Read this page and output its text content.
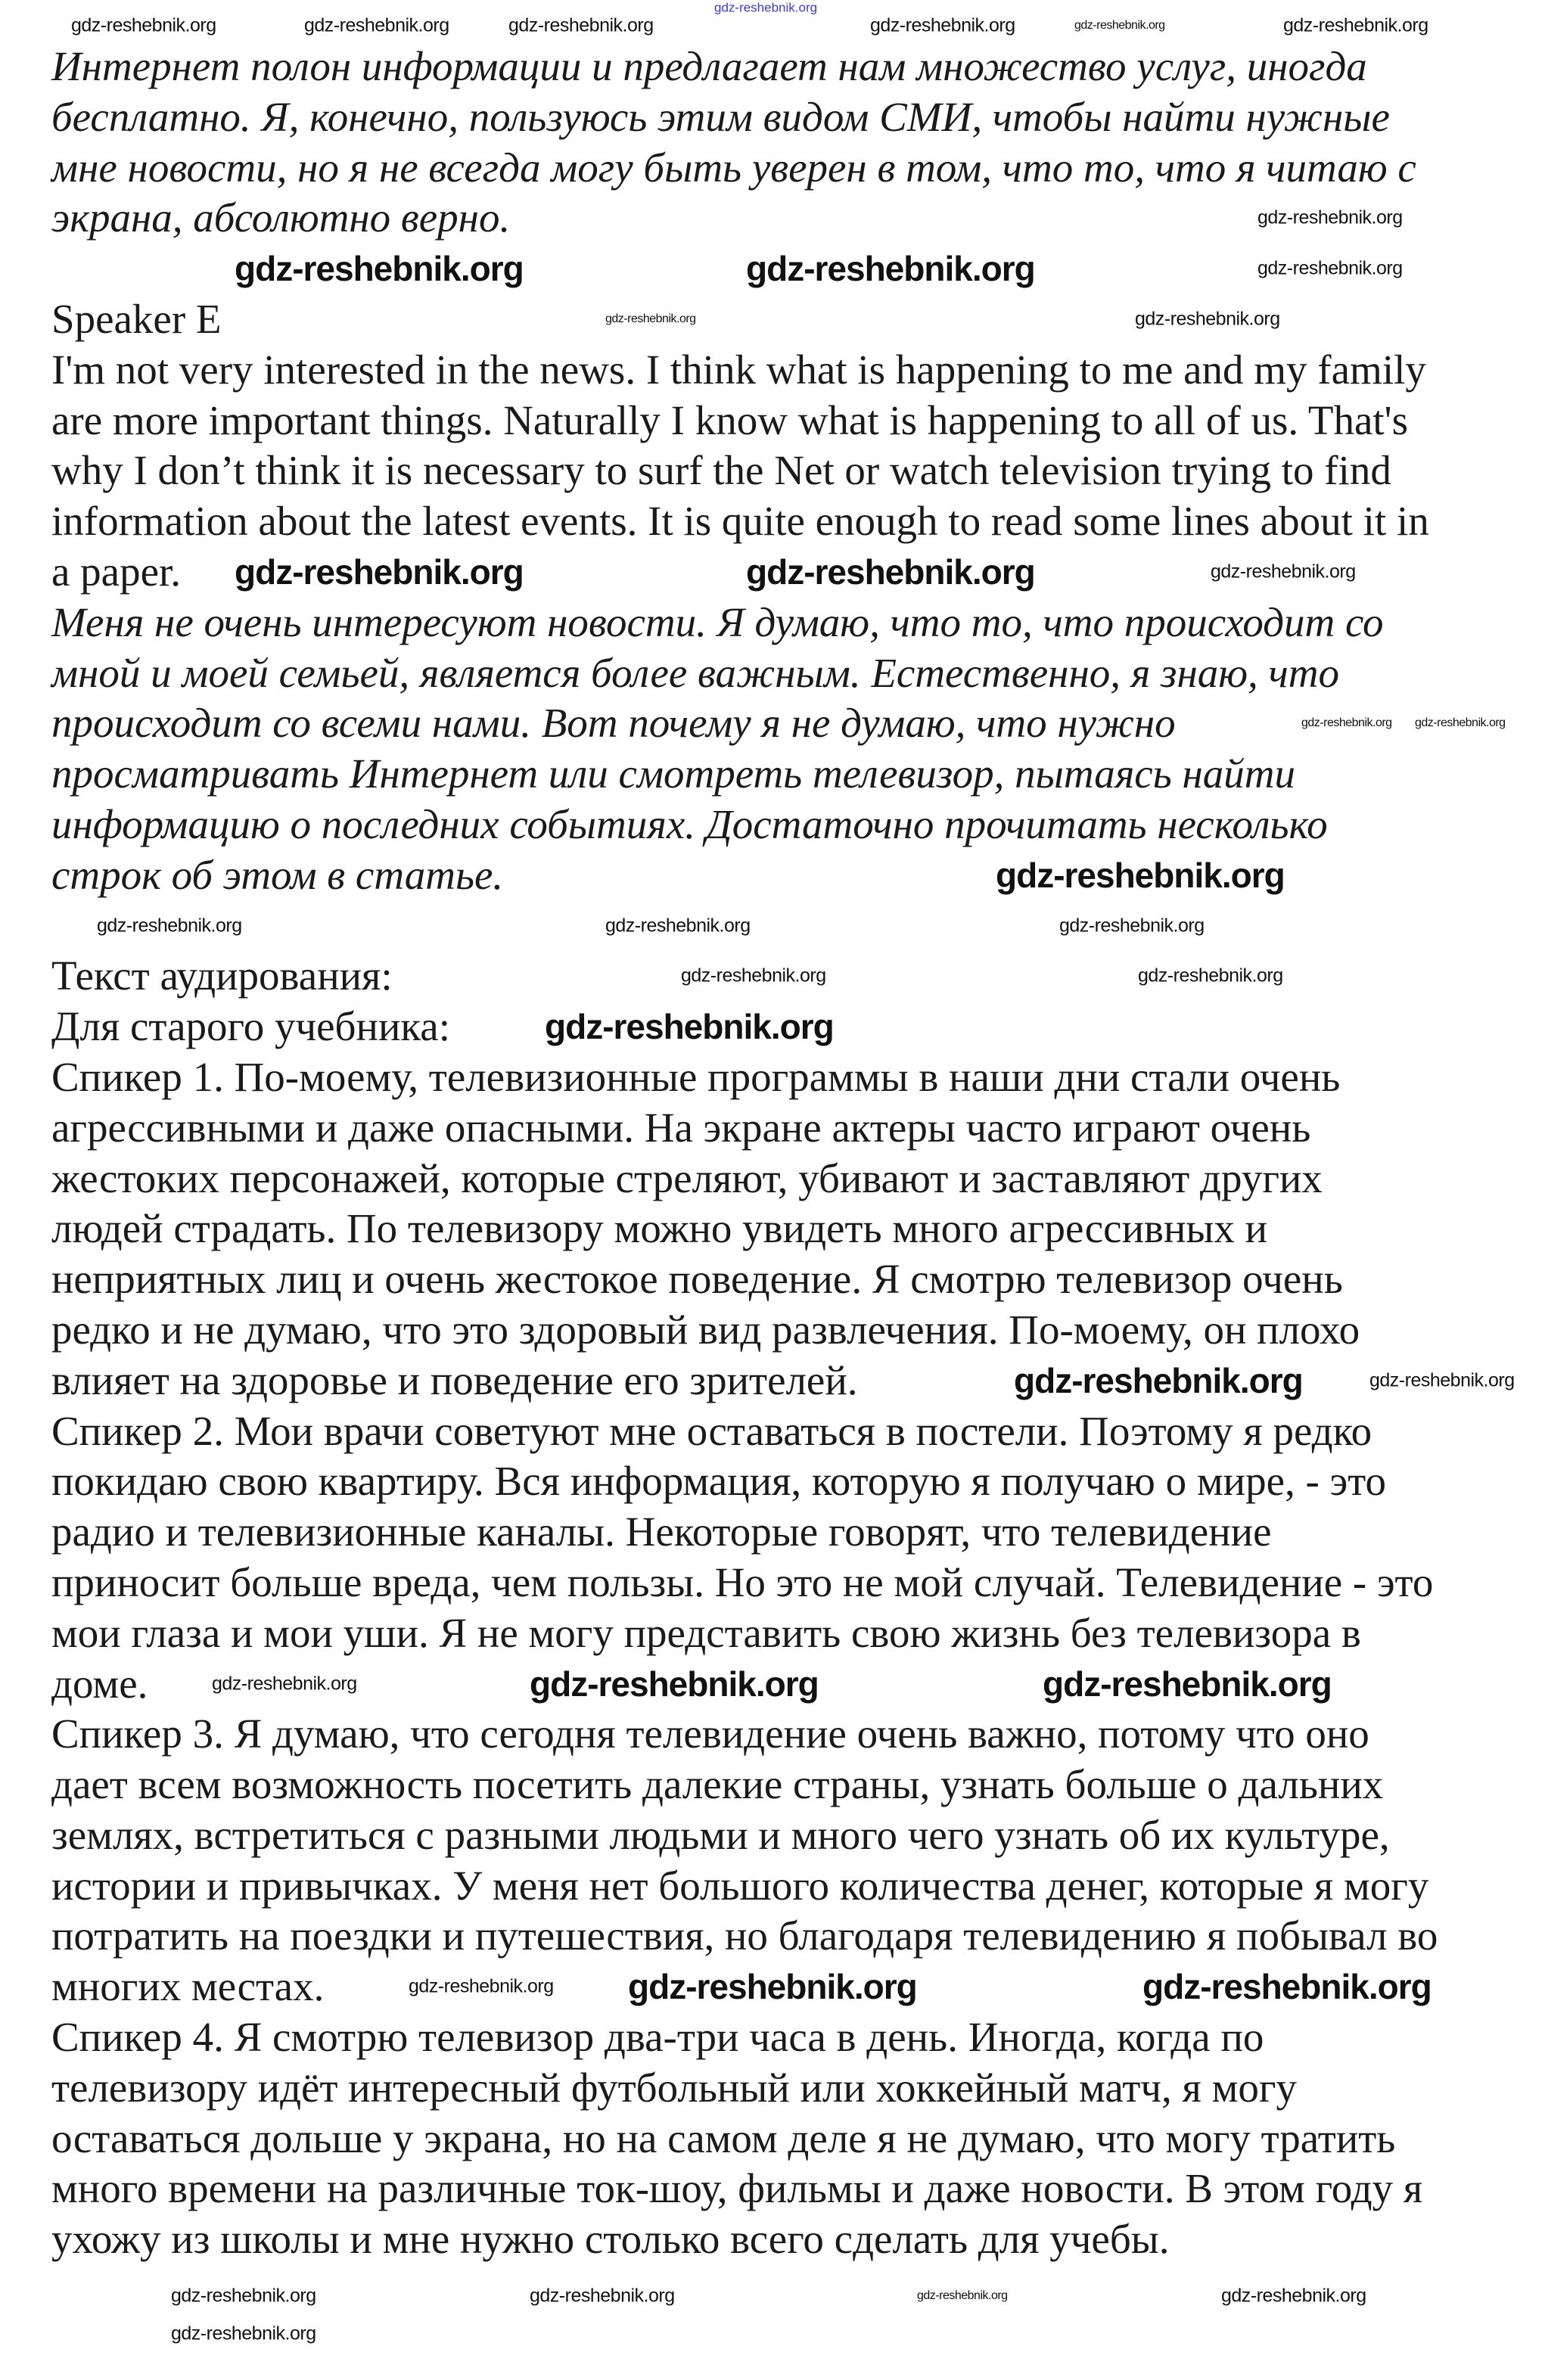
Интернет полон информации и предлагает нам множество услуг, иногда
бесплатно. Я, конечно, пользуюсь этим видом СМИ, чтобы найти нужные
мне новости, но я не всегда могу быть уверен в том, что то, что я читаю с
экрана, абсолютно верно.
Speaker E
I'm not very interested in the news. I think what is happening to me and my family
are more important things. Naturally I know what is happening to all of us. That's
why I don’t think it is necessary to surf the Net or watch television trying to find
information about the latest events. It is quite enough to read some lines about it in
a paper.
Меня не очень интересуют новости. Я думаю, что то, что происходит со
мной и моей семьей, является более важным. Естественно, я знаю, что
происходит со всеми нами. Вот почему я не думаю, что нужно
просматривать Интернет или смотреть телевизор, пытаясь найти
информацию о последних событиях. Достаточно прочитать несколько
строк об этом в статье.
Текст аудирования:
Для старого учебника:
Спикер 1. По-моему, телевизионные программы в наши дни стали очень
агрессивными и даже опасными. На экране актеры часто играют очень
жестоких персонажей, которые стреляют, убивают и заставляют других
людей страдать. По телевизору можно увидеть много агрессивных и
неприятных лиц и очень жестокое поведение. Я смотрю телевизор очень
редко и не думаю, что это здоровый вид развлечения. По-моему, он плохо
влияет на здоровье и поведение его зрителей.
Спикер 2. Мои врачи советуют мне оставаться в постели. Поэтому я редко
покидаю свою квартиру. Вся информация, которую я получаю о мире, - это
радио и телевизионные каналы. Некоторые говорят, что телевидение
приносит больше вреда, чем пользы. Но это не мой случай. Телевидение - это
мои глаза и мои уши. Я не могу представить свою жизнь без телевизора в
доме.
Спикер 3. Я думаю, что сегодня телевидение очень важно, потому что оно
дает всем возможность посетить далекие страны, узнать больше о дальних
землях, встретиться с разными людьми и много чего узнать об их культуре,
истории и привычках. У меня нет большого количества денег, которые я могу
потратить на поездки и путешествия, но благодаря телевидению я побывал во
многих местах.
Спикер 4. Я смотрю телевизор два-три часа в день. Иногда, когда по
телевизору идёт интересный футбольный или хоккейный матч, я могу
оставаться дольше у экрана, но на самом деле я не думаю, что могу тратить
много времени на различные ток-шоу, фильмы и даже новости. В этом году я
ухожу из школы и мне нужно столько всего сделать для учебы.
gdz-reshebnik.org
gdz-reshebnik.org	gdz-reshebnik.org	gdz-reshebnik.org	gdz-reshebnik.org	gdz-reshebnik.org	gdz-reshebnik.org
gdz-reshebnik.org
gdz-reshebnik.org	gdz-reshebnik.org	gdz-reshebnik.org
gdz-reshebnik.org	gdz-reshebnik.org
gdz-reshebnik.org	gdz-reshebnik.org	gdz-reshebnik.org
gdz-reshebnik.org gdz-reshebnik.org
gdz-reshebnik.org
gdz-reshebnik.org
gdz-reshebnik.org
gdz-reshebnik.org
gdz-reshebnik.org
gdz-reshebnik.org
gdz-reshebnik.org
gdz-reshebnik.org	gdz-reshebnik.org
gdz-reshebnik.org	gdz-reshebnik.org	gdz-reshebnik.org
gdz-reshebnik.org
gdz-reshebnik.org
gdz-reshebnik.org	gdz-reshebnik.org
gdz-reshebnik.org
gdz-reshebnik.org
gdz-reshebnik.org	gdz-reshebnik.org
